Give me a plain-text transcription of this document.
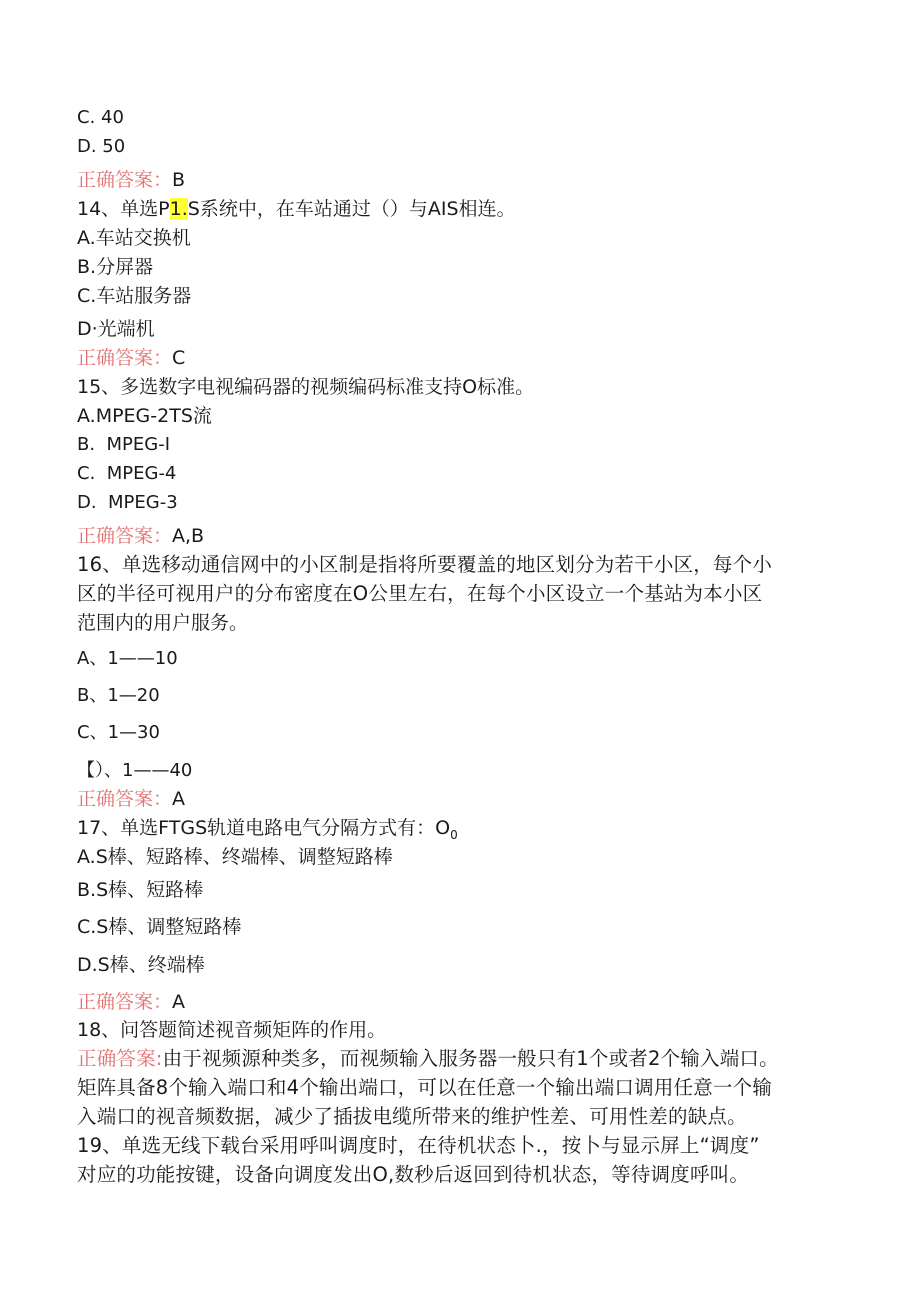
C. 40
D. 50
正确答案：B
14、单选P1.S系统中，在车站通过（）与AIS相连。
A.车站交换机
B.分屏器
C.车站服务器
D·光端机
正确答案：C
15、多选数字电视编码器的视频编码标准支持O标准。
A.MPEG-2TS流
B.  MPEG-I
C.  MPEG-4
D.  MPEG-3
正确答案：A,B
16、单选移动通信网中的小区制是指将所要覆盖的地区划分为若干小区，每个小
区的半径可视用户的分布密度在O公里左右，在每个小区设立一个基站为本小区
范围内的用户服务。
A、1——10
B、1—20
C、1—30
【）、1——40
正确答案：A
17、单选FTGS轨道电路电气分隔方式有：$O_0$
A.S棒、短路棒、终端棒、调整短路棒
B.S棒、短路棒
C.S棒、调整短路棒
D.S棒、终端棒
正确答案：A
18、问答题简述视音频矩阵的作用。
正确答案:由于视频源种类多，而视频输入服务器一般只有1个或者2个输入端口。
矩阵具备8个输入端口和4个输出端口，可以在任意一个输出端口调用任意一个输
入端口的视音频数据，减少了插拔电缆所带来的维护性差、可用性差的缺点。
19、单选无线下载台采用呼叫调度时，在待机状态卜.，按卜与显示屏上“调度”
对应的功能按键，设备向调度发出O,数秒后返回到待机状态，等待调度呼叫。
